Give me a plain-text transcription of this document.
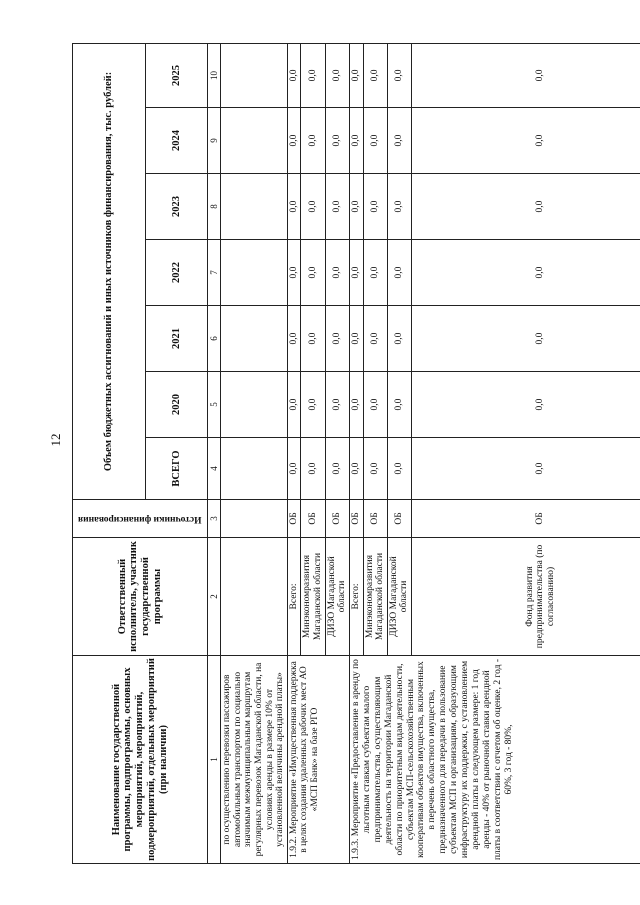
12
Наименование государственной программы, подпрограммы, основных мероприятий, мероприятий, подмероприятий, отдельных мероприятий (при наличии)	Ответственный исполнитель, участник государственной программы	Источники финансирования	Объем бюджетных ассигнований и иных источников финансирования, тыс. рублей:						
			ВСЕГО	2020	2021	2022	2023	2024	2025
1	2	3	4	5	6	7	8	9	10
по осуществлению перевозки пассажиров автомобильным транспортом по социально значимым межмуниципальным маршрутам регулярных перевозок Магаданской области, на условиях аренды в размере 10% от установленной величины арендной платы»									
1.9.2. Мероприятие «Имущественная поддержка в целях создания удаленных рабочих мест АО «МСП Банк» на базе РГО	Всего:	ОБ	0,0	0,0	0,0	0,0	0,0	0,0	0,0
	Минэкономразвития Магаданской области	ОБ	0,0	0,0	0,0	0,0	0,0	0,0	0,0
	ДИЗО Магаданской области	ОБ	0,0	0,0	0,0	0,0	0,0	0,0	0,0
1.9.3. Мероприятие «Предоставление в аренду по льготным ставкам субъектам малого предпринимательства, осуществляющим деятельность на территории Магаданской области по приоритетным видам деятельности, субъектам МСП-сельскохозяйственным кооперативам объектов имущества, включенных в перечень областного имущества, предназначенного для передачи в пользование субъектам МСП и организациям, образующим инфраструктуру их поддержки, с установлением арендной платы в следующем размере: 1 год аренды - 40% от рыночной ставки арендной платы в соответствии с отчетом об оценке, 2 год - 60%, 3 год - 80%,	Всего:	ОБ	0,0	0,0	0,0	0,0	0,0	0,0	0,0
	Минэкономразвития Магаданской области	ОБ	0,0	0,0	0,0	0,0	0,0	0,0	0,0
	ДИЗО Магаданской области	ОБ	0,0	0,0	0,0	0,0	0,0	0,0	0,0
	Фонд развития предпринимательства (по согласованию)	ОБ	0,0	0,0	0,0	0,0	0,0	0,0	0,0
